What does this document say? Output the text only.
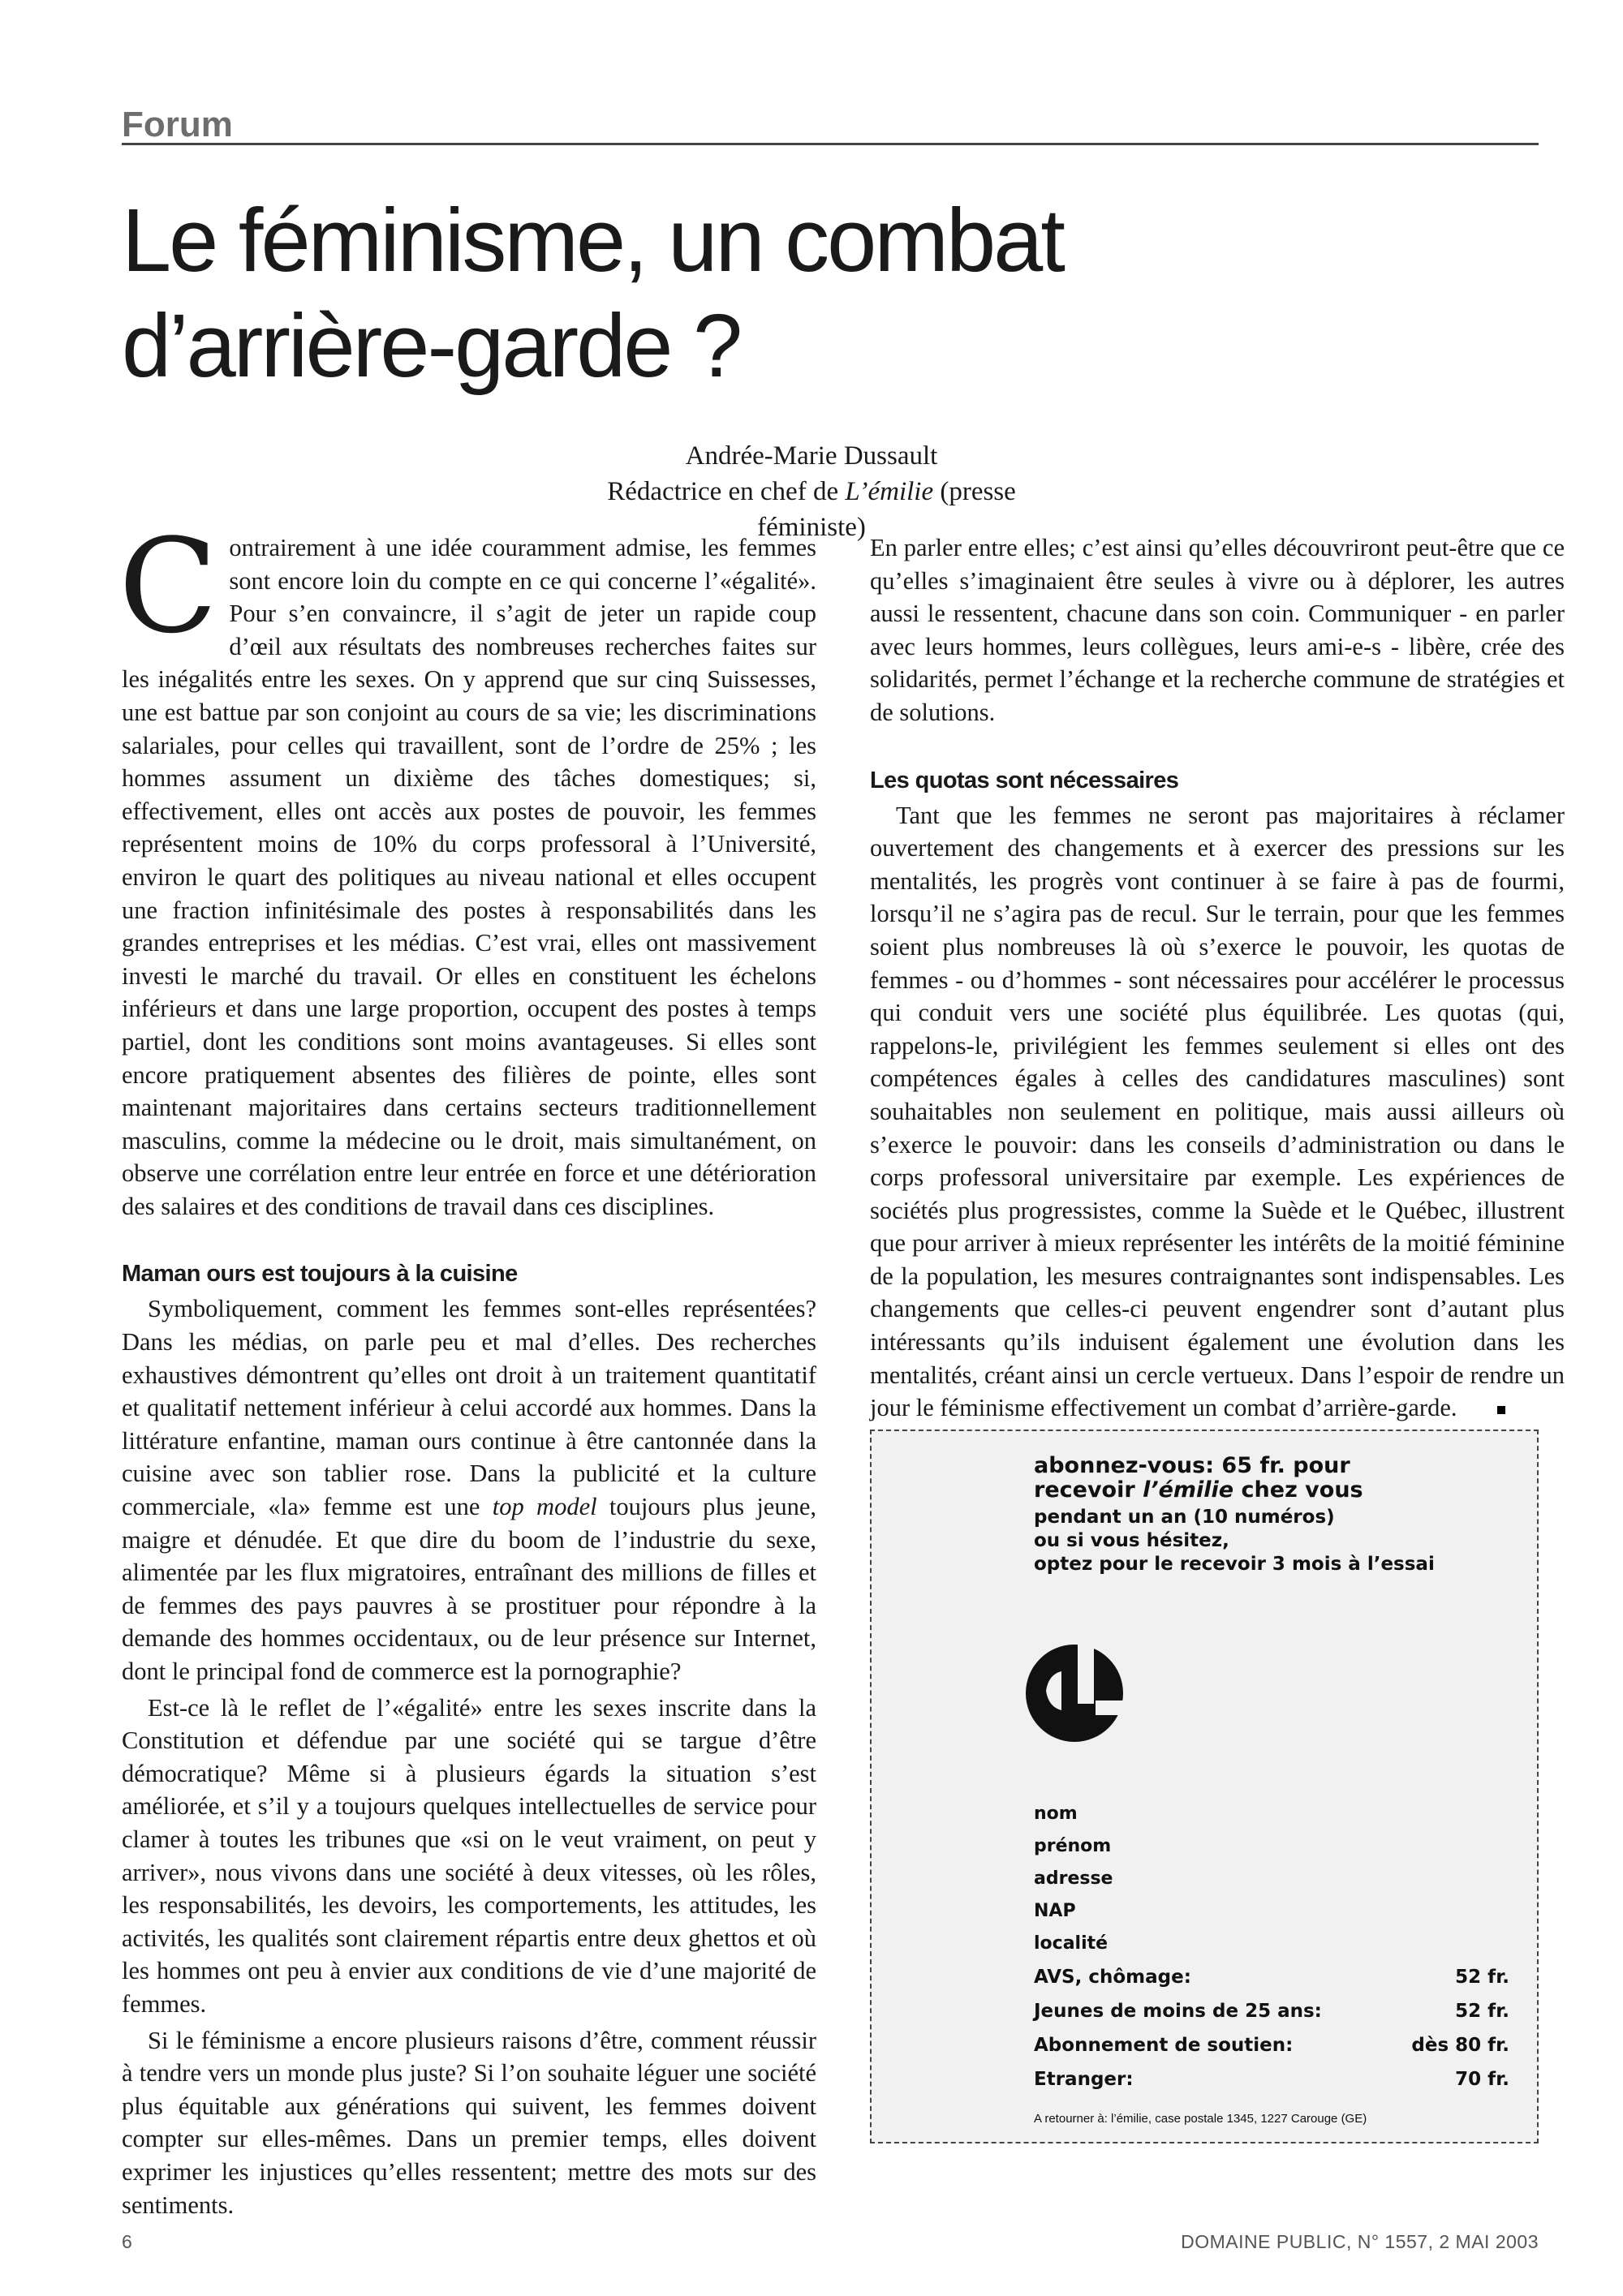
Forum
Le féminisme, un combat
d’arrière-garde ?
Andrée-Marie Dussault
Rédactrice en chef de L’émilie (presse féministe)

Contrairement à une idée couramment admise, les femmes sont encore loin du compte en ce qui concerne l’«égalité». Pour s’en convaincre, il s’agit de jeter un rapide coup d’œil aux résultats des nombreuses recherches faites sur les inégalités entre les sexes. On y apprend que sur cinq Suissesses, une est battue par son conjoint au cours de sa vie; les discriminations salariales, pour celles qui travaillent, sont de l’ordre de 25% ; les hommes assument un dixième des tâches domestiques; si, effectivement, elles ont accès aux postes de pouvoir, les femmes représentent moins de 10% du corps professoral à l’Université, environ le quart des politiques au niveau national et elles occupent une fraction infinitésimale des postes à responsabilités dans les grandes entreprises et les médias. C’est vrai, elles ont massivement investi le marché du travail. Or elles en constituent les échelons inférieurs et dans une large proportion, occupent des postes à temps partiel, dont les conditions sont moins avantageuses. Si elles sont encore pratiquement absentes des filières de pointe, elles sont maintenant majoritaires dans certains secteurs traditionnellement masculins, comme la médecine ou le droit, mais simultanément, on observe une corrélation entre leur entrée en force et une détérioration des salaires et des conditions de travail dans ces disciplines.

Maman ours est toujours à la cuisine

Symboliquement, comment les femmes sont-elles représentées? Dans les médias, on parle peu et mal d’elles. Des recherches exhaustives démontrent qu’elles ont droit à un traitement quantitatif et qualitatif nettement inférieur à celui accordé aux hommes. Dans la littérature enfantine, maman ours continue à être cantonnée dans la cuisine avec son tablier rose. Dans la publicité et la culture commerciale, «la» femme est une top model toujours plus jeune, maigre et dénudée. Et que dire du boom de l’industrie du sexe, alimentée par les flux migratoires, entraînant des millions de filles et de femmes des pays pauvres à se prostituer pour répondre à la demande des hommes occidentaux, ou de leur présence sur Internet, dont le principal fond de commerce est la pornographie?

Est-ce là le reflet de l’«égalité» entre les sexes inscrite dans la Constitution et défendue par une société qui se targue d’être démocratique? Même si à plusieurs égards la situation s’est améliorée, et s’il y a toujours quelques intellectuelles de service pour clamer à toutes les tribunes que «si on le veut vraiment, on peut y arriver», nous vivons dans une société à deux vitesses, où les rôles, les responsabilités, les devoirs, les comportements, les attitudes, les activités, les qualités sont clairement répartis entre deux ghettos et où les hommes ont peu à envier aux conditions de vie d’une majorité de femmes.

Si le féminisme a encore plusieurs raisons d’être, comment réussir à tendre vers un monde plus juste? Si l’on souhaite léguer une société plus équitable aux générations qui suivent, les femmes doivent compter sur elles-mêmes. Dans un premier temps, elles doivent exprimer les injustices qu’elles ressentent; mettre des mots sur des sentiments.

En parler entre elles; c’est ainsi qu’elles découvriront peut-être que ce qu’elles s’imaginaient être seules à vivre ou à déplorer, les autres aussi le ressentent, chacune dans son coin. Communiquer - en parler avec leurs hommes, leurs collègues, leurs ami-e-s - libère, crée des solidarités, permet l’échange et la recherche commune de stratégies et de solutions.

Les quotas sont nécessaires

Tant que les femmes ne seront pas majoritaires à réclamer ouvertement des changements et à exercer des pressions sur les mentalités, les progrès vont continuer à se faire à pas de fourmi, lorsqu’il ne s’agira pas de recul. Sur le terrain, pour que les femmes soient plus nombreuses là où s’exerce le pouvoir, les quotas de femmes - ou d’hommes - sont nécessaires pour accélérer le processus qui conduit vers une société plus équilibrée. Les quotas (qui, rappelons-le, privilégient les femmes seulement si elles ont des compétences égales à celles des candidatures masculines) sont souhaitables non seulement en politique, mais aussi ailleurs où s’exerce le pouvoir: dans les conseils d’administration ou dans le corps professoral universitaire par exemple. Les expériences de sociétés plus progressistes, comme la Suède et le Québec, illustrent que pour arriver à mieux représenter les intérêts de la moitié féminine de la population, les mesures contraignantes sont indispensables. Les changements que celles-ci peuvent engendrer sont d’autant plus intéressants qu’ils induisent également une évolution dans les mentalités, créant ainsi un cercle vertueux. Dans l’espoir de rendre un jour le féminisme effectivement un combat d’arrière-garde.

abonnez-vous: 65 fr. pour

recevoir l’émilie chez vous

pendant un an (10 numéros)

ou si vous hésitez,

optez pour le recevoir 3 mois à l’essai

nom
prénom
adresse
NAP
localité
AVS, chômage:	52 fr.
Jeunes de moins de 25 ans:	52 fr.
Abonnement de soutien:	dès 80 fr.
Etranger:	70 fr.
A retourner à: l’émilie, case postale 1345, 1227 Carouge (GE)
6	DOMAINE PUBLIC, N° 1557, 2 MAI 2003
